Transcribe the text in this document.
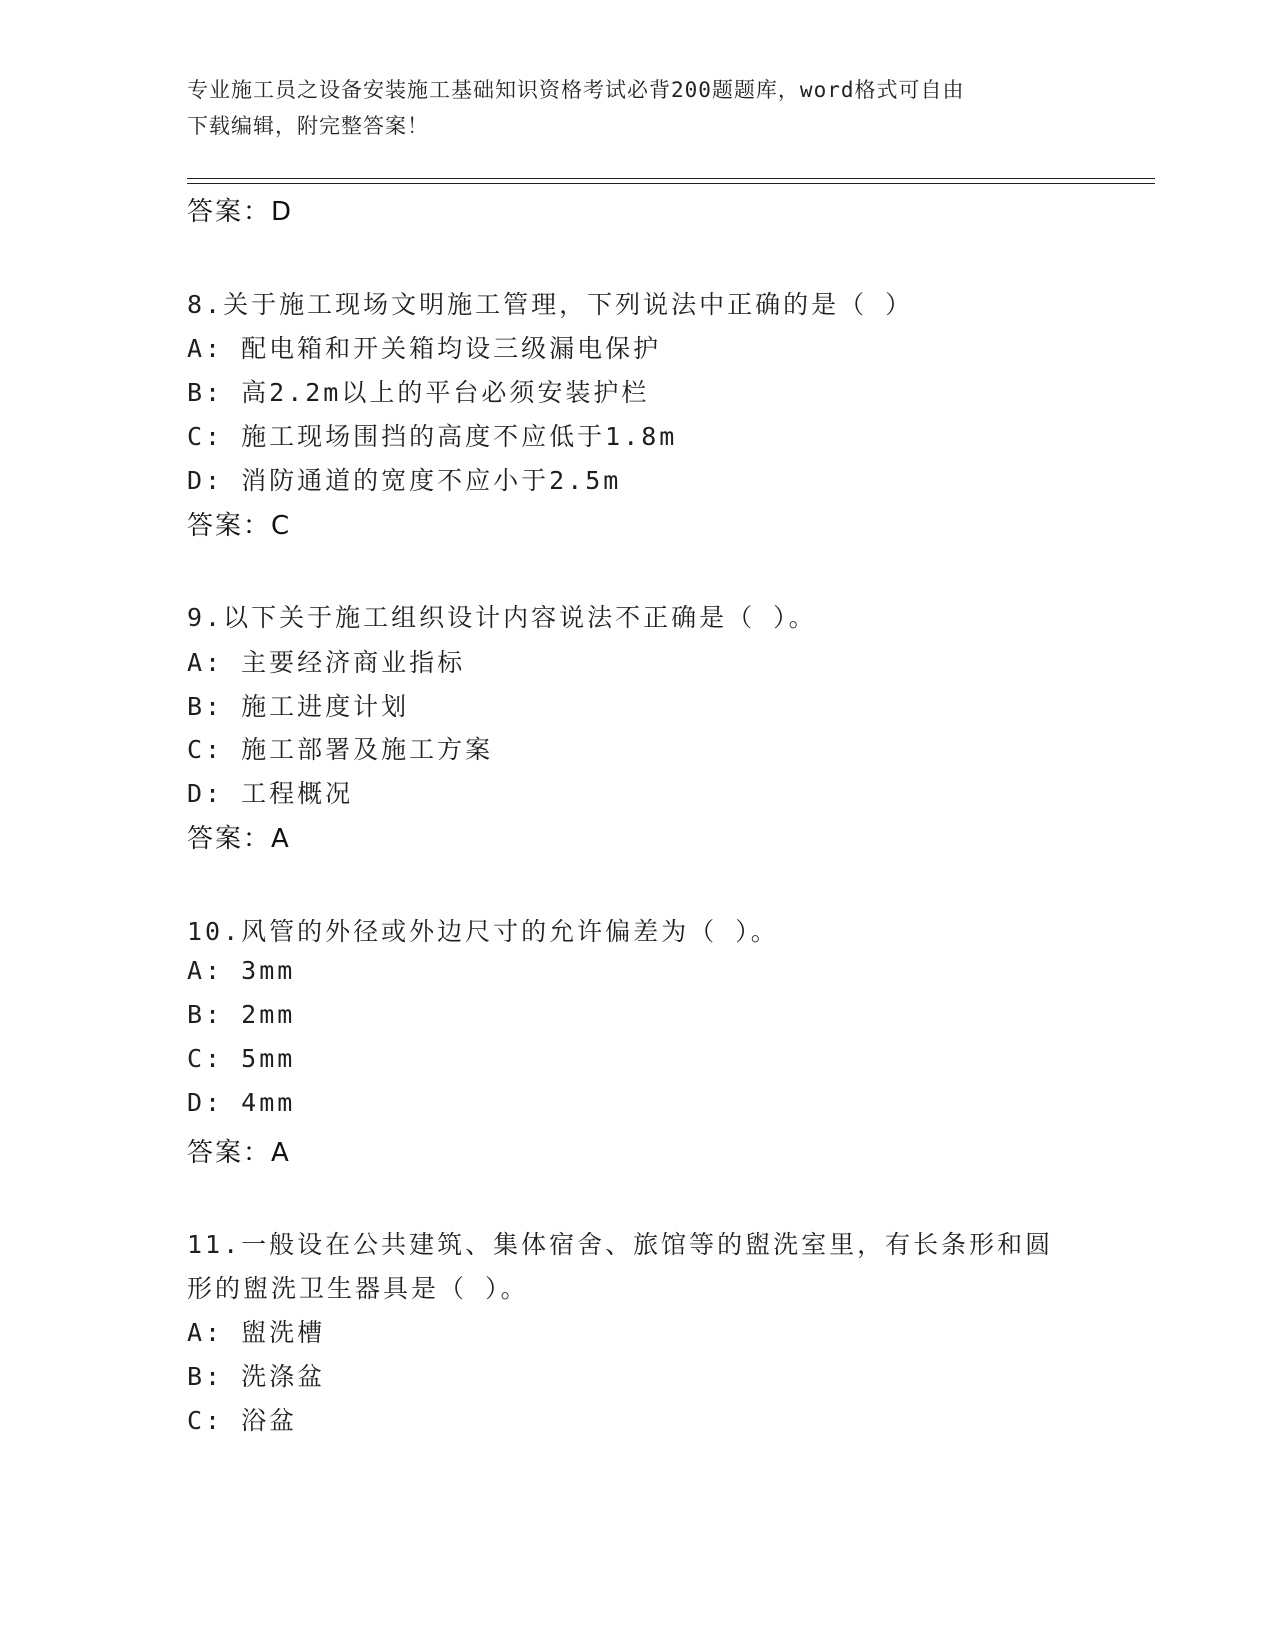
专业施工员之设备安装施工基础知识资格考试必背200题题库，word格式可自由
下载编辑，附完整答案！
答案：D
8.关于施工现场文明施工管理，下列说法中正确的是（ ）
A: 配电箱和开关箱均设三级漏电保护
B: 高2.2m以上的平台必须安装护栏
C: 施工现场围挡的高度不应低于1.8m
D: 消防通道的宽度不应小于2.5m
答案：C
9.以下关于施工组织设计内容说法不正确是（ ）。
A: 主要经济商业指标
B: 施工进度计划
C: 施工部署及施工方案
D: 工程概况
答案：A
10.风管的外径或外边尺寸的允许偏差为（ ）。
A: 3mm
B: 2mm
C: 5mm
D: 4mm
答案：A
11.一般设在公共建筑、集体宿舍、旅馆等的盥洗室里，有长条形和圆
形的盥洗卫生器具是（ ）。
A: 盥洗槽
B: 洗涤盆
C: 浴盆
